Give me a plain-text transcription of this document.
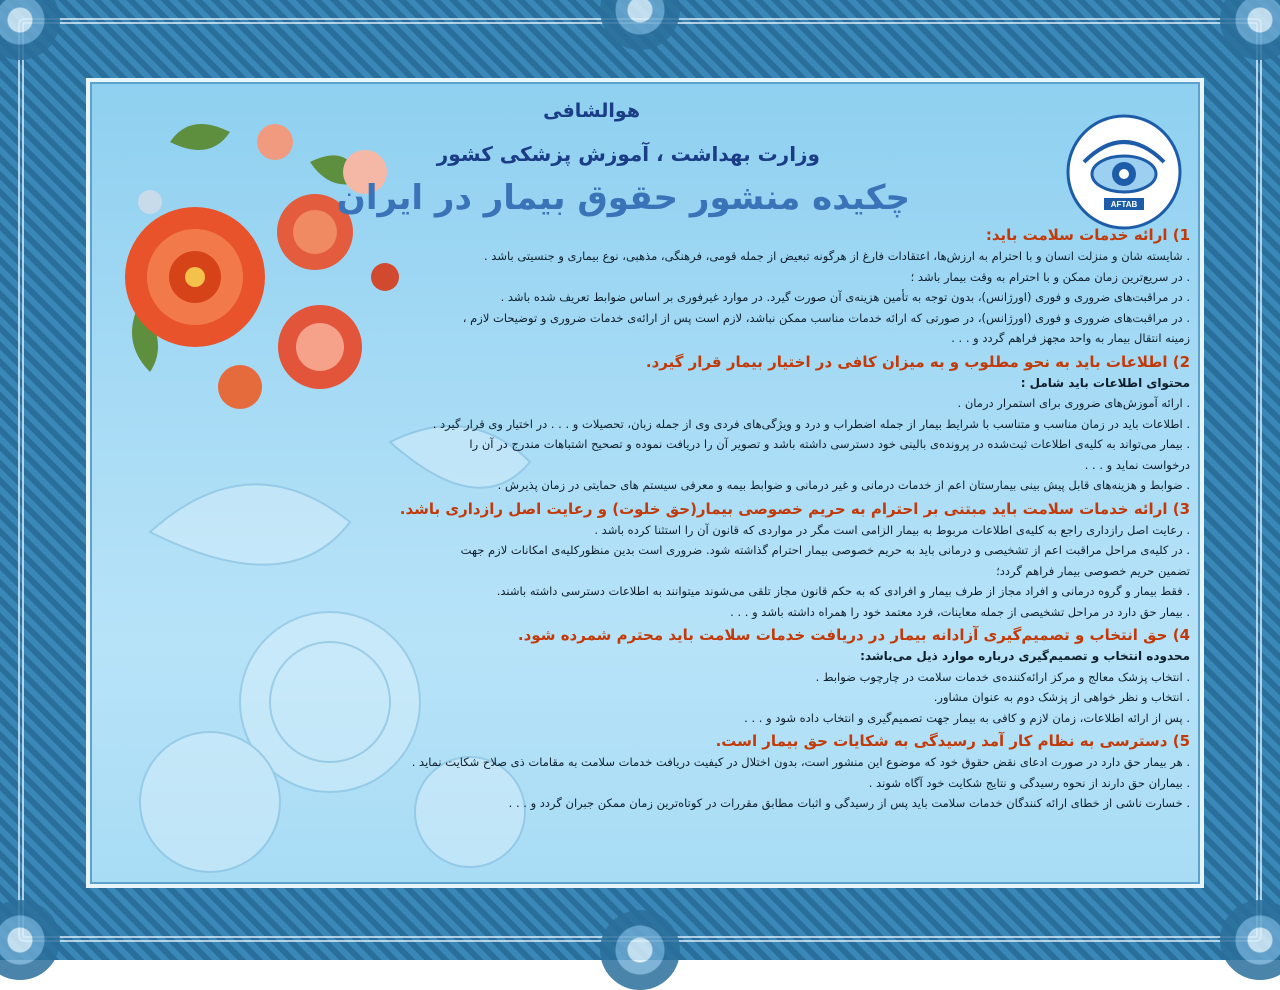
AFTAB
هوالشافی
وزارت بهداشت ، آموزش پزشکی کشور
چکیده منشور حقوق بیمار در ایران
1) ارائه خدمات سلامت باید:
. شایسته شان و منزلت انسان و با احترام به ارزش‌ها، اعتقادات فارغ از هرگونه تبعیض از جمله قومی، فرهنگی، مذهبی، نوع بیماری و جنسیتی باشد .
. در سریع‌ترین زمان ممکن و با احترام به وقت بیمار باشد ؛
. در مراقبت‌های ضروری و فوری (اورژانس)، بدون توجه به تأمین هزینه‌ی آن صورت گیرد. در موارد غیرفوری بر اساس ضوابط تعریف شده باشد .
. در مراقبت‌های ضروری و فوری (اورژانس)، در صورتی که ارائه خدمات مناسب ممکن نباشد، لازم است پس از ارائه‌ی خدمات ضروری و توضیحات لازم ،
زمینه انتقال بیمار به واحد مجهز فراهم گردد و . . .
2) اطلاعات باید به نحو مطلوب و به میزان کافی در اختیار بیمار قرار گیرد.
محتوای اطلاعات باید شامل :
. ارائه آموزش‌های ضروری برای استمرار درمان .
. اطلاعات باید در زمان مناسب و متناسب با شرایط بیمار از جمله اضطراب و درد و ویژگی‌های فردی وی از جمله زبان، تحصیلات و . . . در اختیار وی قرار گیرد .
. بیمار می‌تواند به کلیه‌ی اطلاعات ثبت‌شده در پرونده‌ی بالینی خود دسترسی داشته باشد و تصویر آن را دریافت نموده و تصحیح اشتباهات مندرج در آن را
درخواست نماید و . . .
. ضوابط و هزینه‌های قابل پیش بینی بیمارستان اعم از خدمات درمانی و غیر درمانی و ضوابط بیمه و معرفی سیستم های حمایتی در زمان پذیرش .
3) ارائه خدمات سلامت باید مبتنی بر احترام به حریم خصوصی بیمار(حق خلوت) و رعایت اصل رازداری باشد.
. رعایت اصل رازداری راجع به کلیه‌ی اطلاعات مربوط به بیمار الزامی است مگر در مواردی که قانون آن را استثنا کرده باشد .
. در کلیه‌ی مراحل مراقبت اعم از تشخیصی و درمانی باید به حریم خصوصی بیمار احترام گذاشته شود. ضروری است بدین منظورکلیه‌ی امکانات لازم جهت
تضمین حریم خصوصی بیمار فراهم گردد؛
. فقط بیمار و گروه درمانی و افراد مجاز از طرف بیمار و افرادی که به حکم قانون مجاز تلقی می‌شوند میتوانند به اطلاعات دسترسی داشته باشند.
. بیمار حق دارد در مراحل تشخیصی از جمله معاینات، فرد معتمد خود را همراه داشته باشد و . . .
4) حق انتخاب و تصمیم‌گیری آزادانه بیمار در دریافت خدمات سلامت باید محترم شمرده شود.
محدوده انتخاب و تصمیم‌گیری درباره موارد ذیل می‌باشد:
. انتخاب پزشک معالج و مرکز ارائه‌کننده‌ی خدمات سلامت در چارچوب ضوابط .
. انتخاب و نظر خواهی از پزشک دوم به عنوان مشاور.
. پس از ارائه اطلاعات، زمان لازم و کافی به بیمار جهت تصمیم‌گیری و انتخاب داده شود و . . .
5) دسترسی به نظام کار آمد رسیدگی به شکایات حق بیمار است.
. هر بیمار حق دارد در صورت ادعای نقض حقوق خود که موضوع این منشور است، بدون اختلال در کیفیت دریافت خدمات سلامت به مقامات ذی صلاح شکایت نماید .
. بیماران حق دارند از نحوه رسیدگی و نتایج شکایت خود آگاه شوند .
. خسارت ناشی از خطای ارائه کنندگان خدمات سلامت باید پس از رسیدگی و اثبات مطابق مقررات در کوتاه‌ترین زمان ممکن جبران گردد و . . .
